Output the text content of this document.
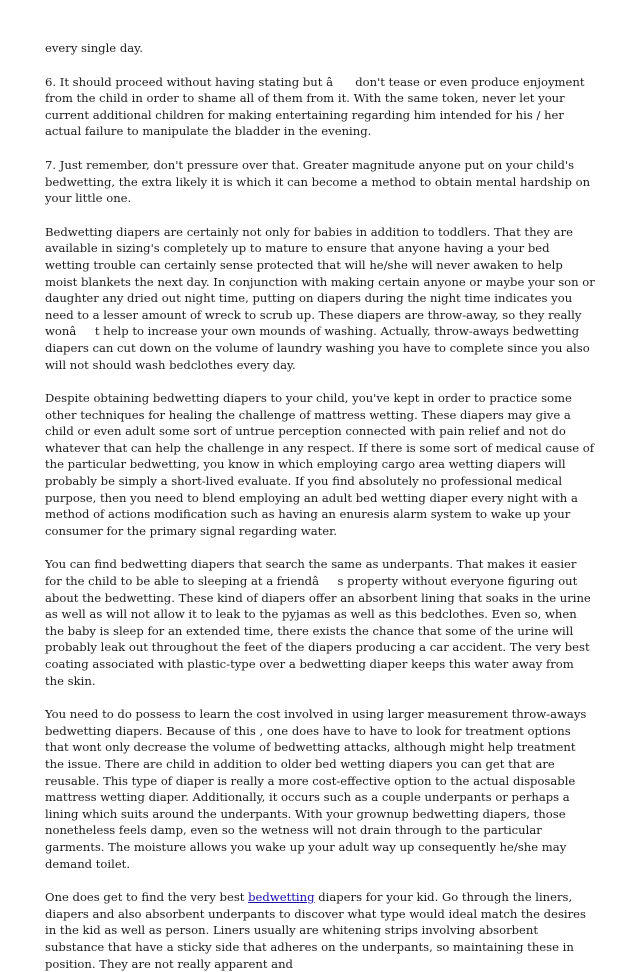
every single day.

6. It should proceed without having stating but â don't tease or even produce enjoyment from the child in order to shame all of them from it. With the same token, never let your current additional children for making entertaining regarding him intended for his / her actual failure to manipulate the bladder in the evening.

7. Just remember, don't pressure over that. Greater magnitude anyone put on your child's bedwetting, the extra likely it is which it can become a method to obtain mental hardship on your little one.

Bedwetting diapers are certainly not only for babies in addition to toddlers. That they are available in sizing's completely up to mature to ensure that anyone having a your bed wetting trouble can certainly sense protected that will he/she will never awaken to help moist blankets the next day. In conjunction with making certain anyone or maybe your son or daughter any dried out night time, putting on diapers during the night time indicates you need to a lesser amount of wreck to scrub up. These diapers are throw-away, so they really wonât help to increase your own mounds of washing. Actually, throw-aways bedwetting diapers can cut down on the volume of laundry washing you have to complete since you also will not should wash bedclothes every day.

Despite obtaining bedwetting diapers to your child, you've kept in order to practice some other techniques for healing the challenge of mattress wetting. These diapers may give a child or even adult some sort of untrue perception connected with pain relief and not do whatever that can help the challenge in any respect. If there is some sort of medical cause of the particular bedwetting, you know in which employing cargo area wetting diapers will probably be simply a short-lived evaluate. If you find absolutely no professional medical purpose, then you need to blend employing an adult bed wetting diaper every night with a method of actions modification such as having an enuresis alarm system to wake up your consumer for the primary signal regarding water.

You can find bedwetting diapers that search the same as underpants. That makes it easier for the child to be able to sleeping at a friendâs property without everyone figuring out about the bedwetting. These kind of diapers offer an absorbent lining that soaks in the urine as well as will not allow it to leak to the pyjamas as well as this bedclothes. Even so, when the baby is sleep for an extended time, there exists the chance that some of the urine will probably leak out throughout the feet of the diapers producing a car accident. The very best coating associated with plastic-type over a bedwetting diaper keeps this water away from the skin.

You need to do possess to learn the cost involved in using larger measurement throw-aways bedwetting diapers. Because of this , one does have to have to look for treatment options that wont only decrease the volume of bedwetting attacks, although might help treatment the issue. There are child in addition to older bed wetting diapers you can get that are reusable. This type of diaper is really a more cost-effective option to the actual disposable mattress wetting diaper. Additionally, it occurs such as a couple underpants or perhaps a lining which suits around the underpants. With your grownup bedwetting diapers, those nonetheless feels damp, even so the wetness will not drain through to the particular garments. The moisture allows you wake up your adult way up consequently he/she may demand toilet.

One does get to find the very best bedwetting diapers for your kid. Go through the liners, diapers and also absorbent underpants to discover what type would ideal match the desires in the kid as well as person. Liners usually are whitening strips involving absorbent substance that have a sticky side that adheres on the underpants, so maintaining these in position. They are not really apparent and
